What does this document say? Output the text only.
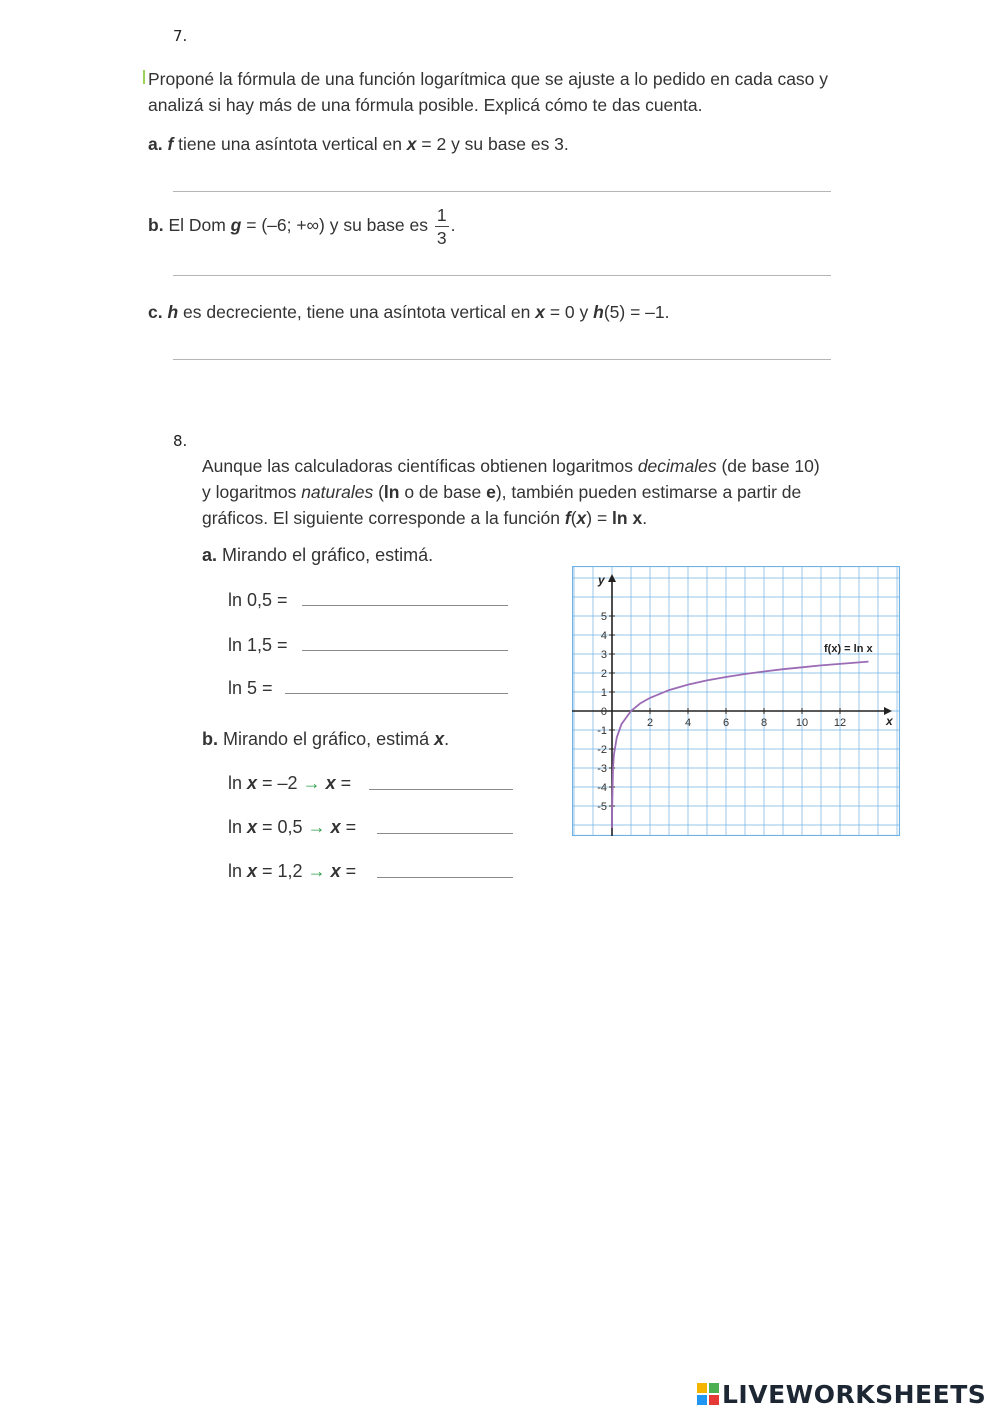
7.
Proponé la fórmula de una función logarítmica que se ajuste a lo pedido en cada caso y analizá si hay más de una fórmula posible. Explicá cómo te das cuenta.
a. f tiene una asíntota vertical en x = 2 y su base es 3.
b. El Dom g = (–6; +∞) y su base es $\frac{1}{3}$ .
c. h es decreciente, tiene una asíntota vertical en x = 0 y h(5) = –1.
8.
Aunque las calculadoras científicas obtienen logaritmos decimales (de base 10)
y logaritmos naturales (ln o de base e), también pueden estimarse a partir de
gráficos. El siguiente corresponde a la función f(x) = ln x.
a. Mirando el gráfico, estimá.
ln 0,5 =
ln 1,5 =
ln 5 =
b. Mirando el gráfico, estimá x.
ln x = –2 → x =
ln x = 0,5 → x =
ln x = 1,2 → x =
2	4	6	8	10 12
-5
-4
-3
-2
-1
0
1
2
3
4
5
x
y
f(x) = ln x
LIVEWORKSHEETS
